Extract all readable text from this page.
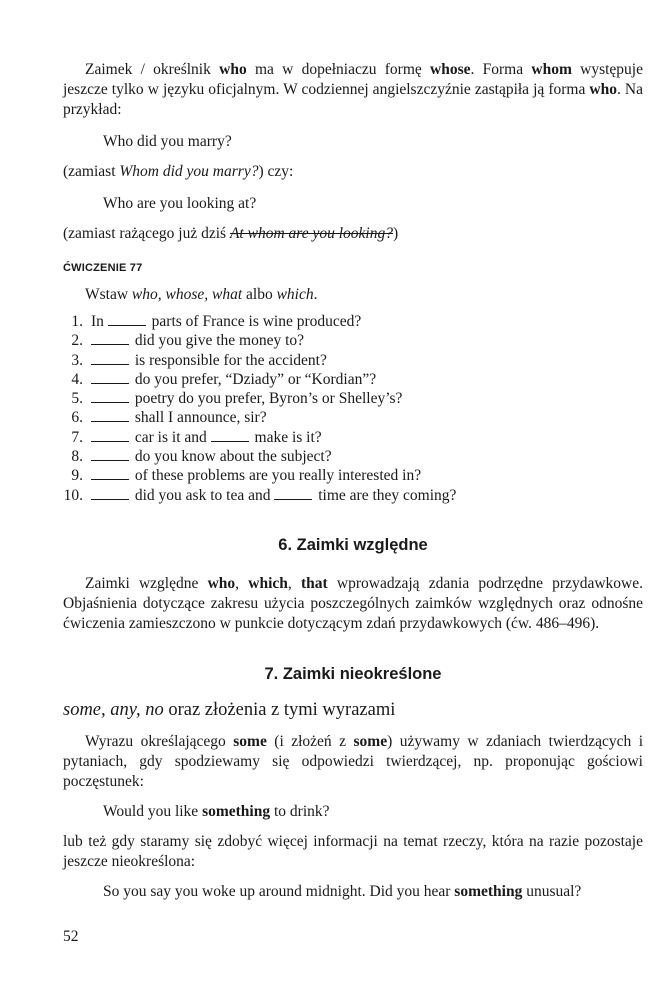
Zaimek / określnik who ma w dopełniaczu formę whose. Forma whom występuje jeszcze tylko w języku oficjalnym. W codziennej angielszczyźnie zastąpiła ją forma who. Na przykład:

Who did you marry?

(zamiast Whom did you marry?) czy:

Who are you looking at?

(zamiast rażącego już dziś At whom are you looking?)

ĆWICZENIE 77

Wstaw who, whose, what albo which.

1. In	parts of France is wine produced?
2.	did you give the money to?
3.	is responsible for the accident?
4.	do you prefer, “Dziady” or “Kordian”?
5.	poetry do you prefer, Byron’s or Shelley’s?
6.	shall I announce, sir?
7.	car is it and	make is it?
8.	do you know about the subject?
9.	of these problems are you really interested in?
10.	did you ask to tea and	time are they coming?

6. Zaimki względne

Zaimki względne who, which, that wprowadzają zdania podrzędne przydawkowe. Objaśnienia dotyczące zakresu użycia poszczególnych zaimków względnych oraz odnośne ćwiczenia zamieszczono w punkcie dotyczącym zdań przydawkowych (ćw. 486–496).

7. Zaimki nieokreślone

some, any, no oraz złożenia z tymi wyrazami

Wyrazu określającego some (i złożeń z some) używamy w zdaniach twierdzących i pytaniach, gdy spodziewamy się odpowiedzi twierdzącej, np. proponując gościowi poczęstunek:

Would you like something to drink?

lub też gdy staramy się zdobyć więcej informacji na temat rzeczy, która na razie pozostaje jeszcze nieokreślona:

So you say you woke up around midnight. Did you hear something unusual?

52
